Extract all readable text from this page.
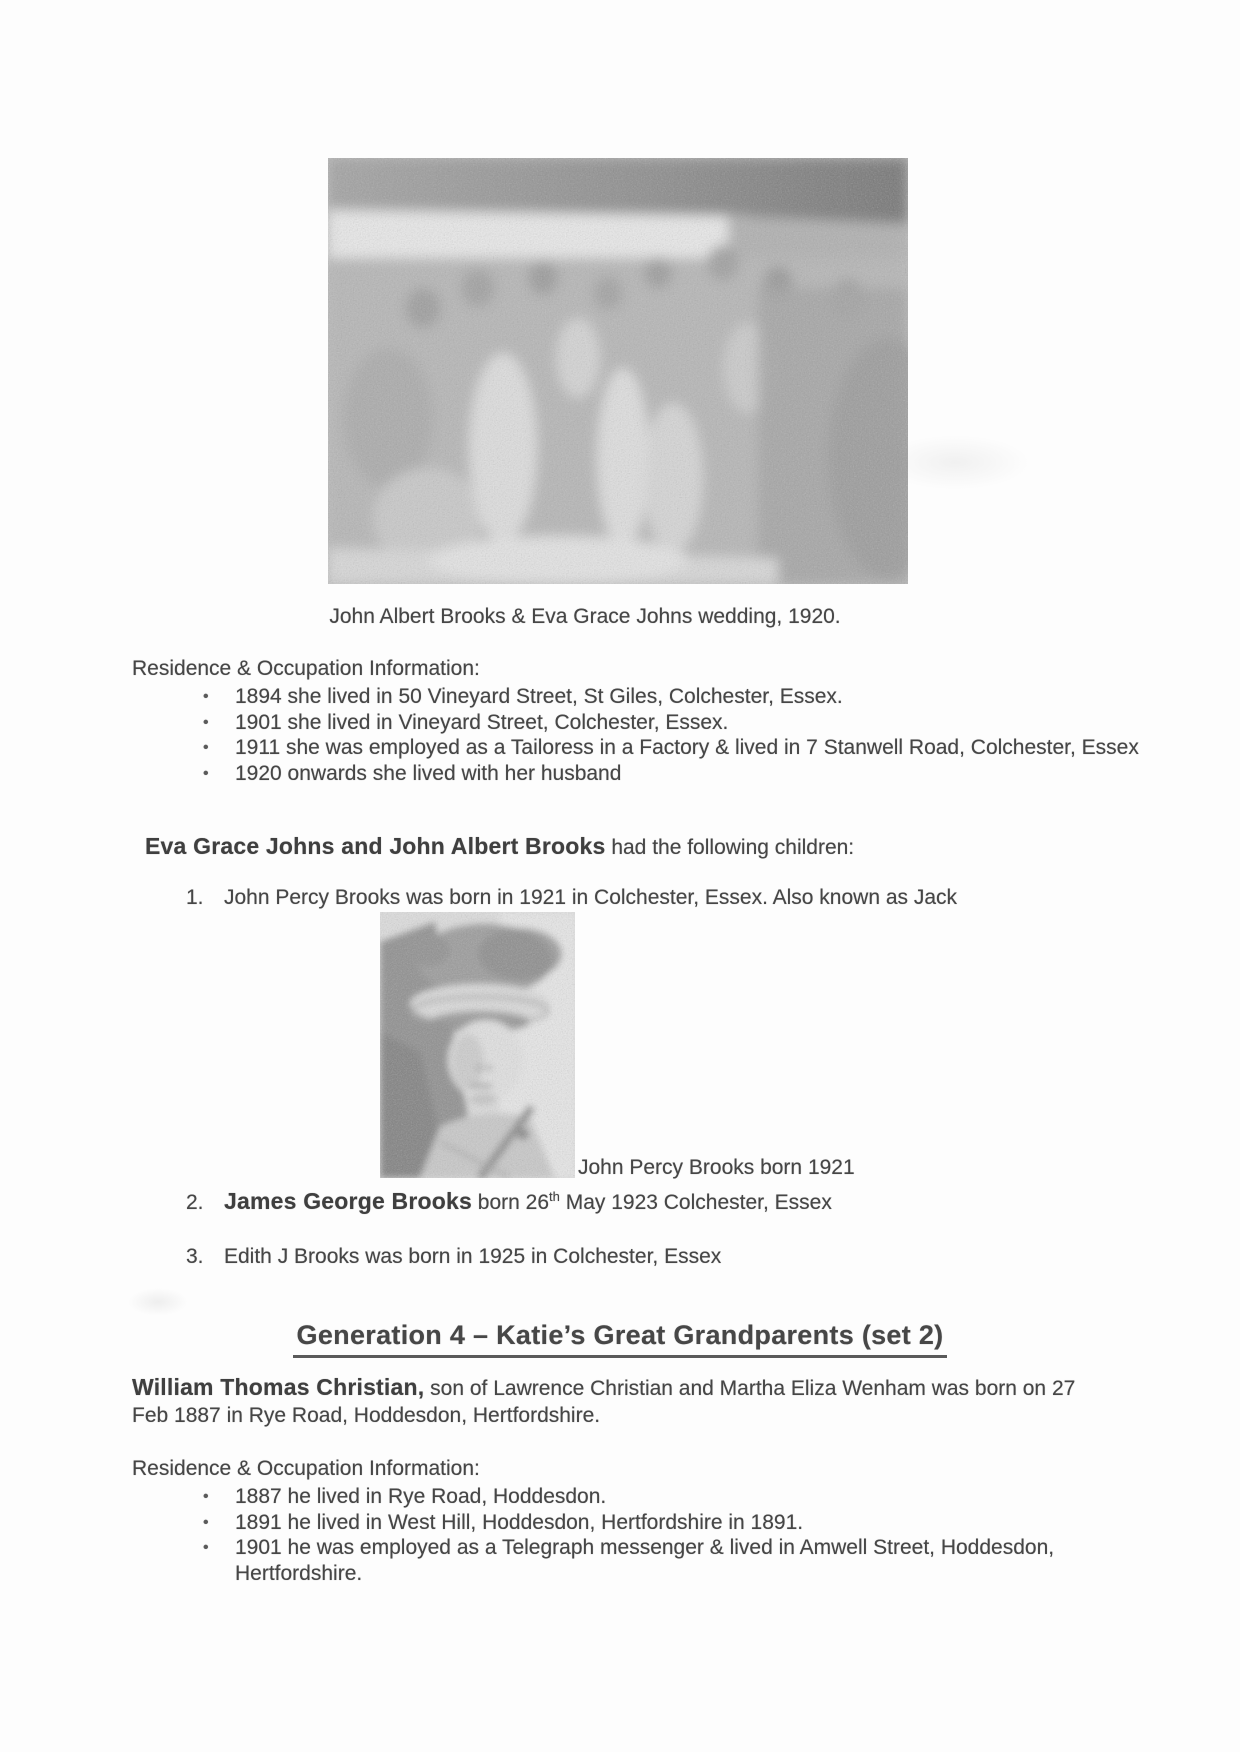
John Albert Brooks & Eva Grace Johns wedding, 1920.
Residence & Occupation Information:
•	1894 she lived in 50 Vineyard Street, St Giles, Colchester, Essex.
•	1901 she lived in Vineyard Street, Colchester, Essex.
•	1911 she was employed as a Tailoress in a Factory & lived in 7 Stanwell Road, Colchester, Essex
•	1920 onwards she lived with her husband
Eva Grace Johns and John Albert Brooks had the following children:
1. John Percy Brooks was born in 1921 in Colchester, Essex. Also known as Jack
John Percy Brooks born 1921
2. James George Brooks born 26th May 1923 Colchester, Essex
3. Edith J Brooks was born in 1925 in Colchester, Essex
Generation 4 – Katie’s Great Grandparents (set 2)
William Thomas Christian, son of Lawrence Christian and Martha Eliza Wenham was born on 27 Feb 1887 in Rye Road, Hoddesdon, Hertfordshire.
Residence & Occupation Information:
•	1887 he lived in Rye Road, Hoddesdon.
•	1891 he lived in West Hill, Hoddesdon, Hertfordshire in 1891.
•	1901 he was employed as a Telegraph messenger & lived in Amwell Street, Hoddesdon, Hertfordshire.
